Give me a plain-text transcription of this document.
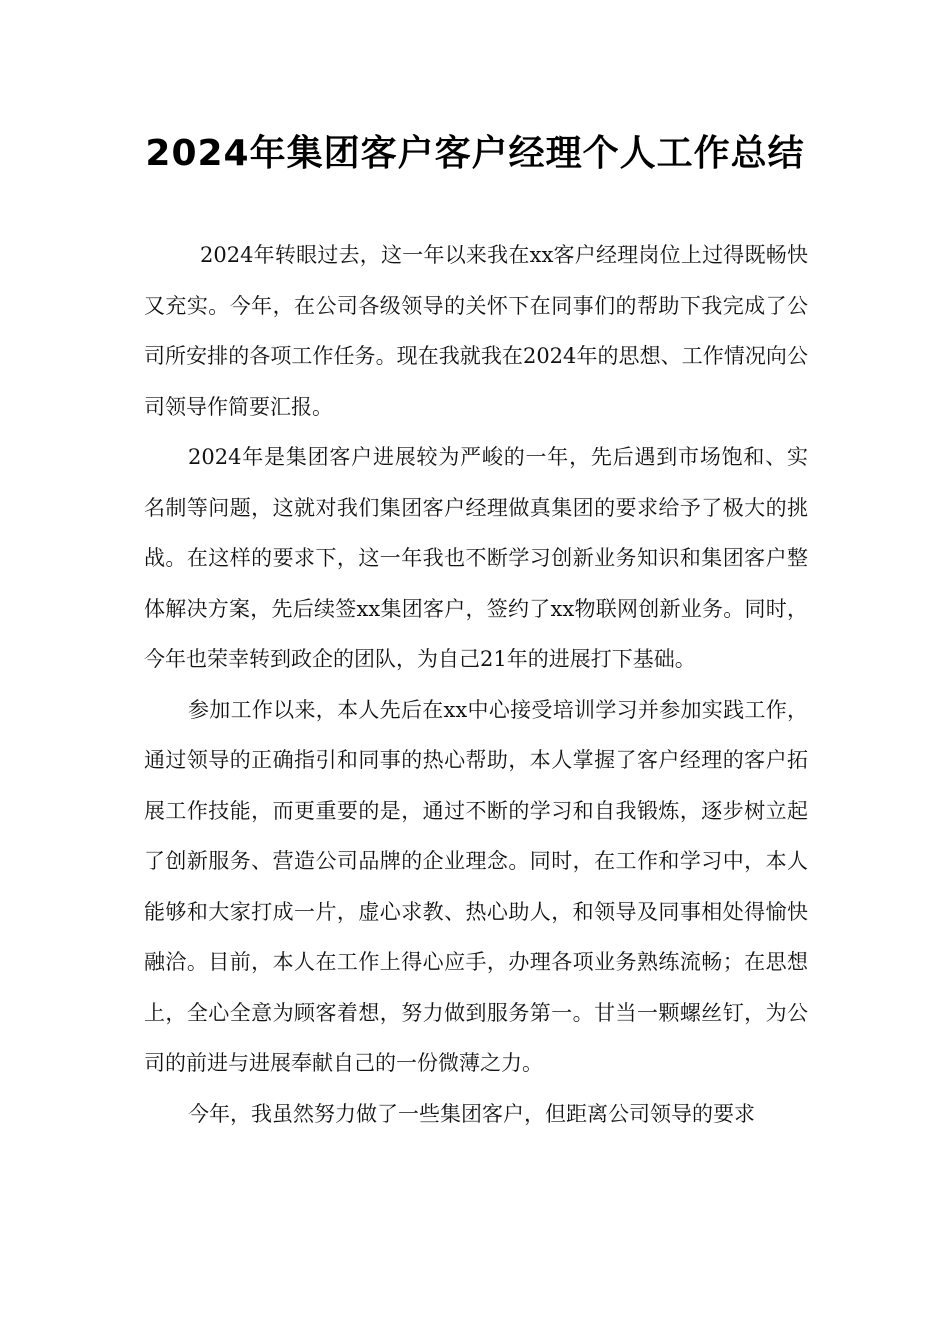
2024年集团客户客户经理个人工作总结

2024年转眼过去，这一年以来我在xx客户经理岗位上过得既畅快又充实。今年，在公司各级领导的关怀下在同事们的帮助下我完成了公司所安排的各项工作任务。现在我就我在2024年的思想、工作情况向公司领导作简要汇报。

2024年是集团客户进展较为严峻的一年，先后遇到市场饱和、实名制等问题，这就对我们集团客户经理做真集团的要求给予了极大的挑战。在这样的要求下，这一年我也不断学习创新业务知识和集团客户整体解决方案，先后续签xx集团客户，签约了xx物联网创新业务。同时，今年也荣幸转到政企的团队，为自己21年的进展打下基础。

参加工作以来，本人先后在xx中心接受培训学习并参加实践工作，通过领导的正确指引和同事的热心帮助，本人掌握了客户经理的客户拓展工作技能，而更重要的是，通过不断的学习和自我锻炼，逐步树立起了创新服务、营造公司品牌的企业理念。同时，在工作和学习中，本人能够和大家打成一片，虚心求教、热心助人，和领导及同事相处得愉快融洽。目前，本人在工作上得心应手，办理各项业务熟练流畅；在思想上，全心全意为顾客着想，努力做到服务第一。甘当一颗螺丝钉，为公司的前进与进展奉献自己的一份微薄之力。

今年，我虽然努力做了一些集团客户，但距离公司领导的要求
